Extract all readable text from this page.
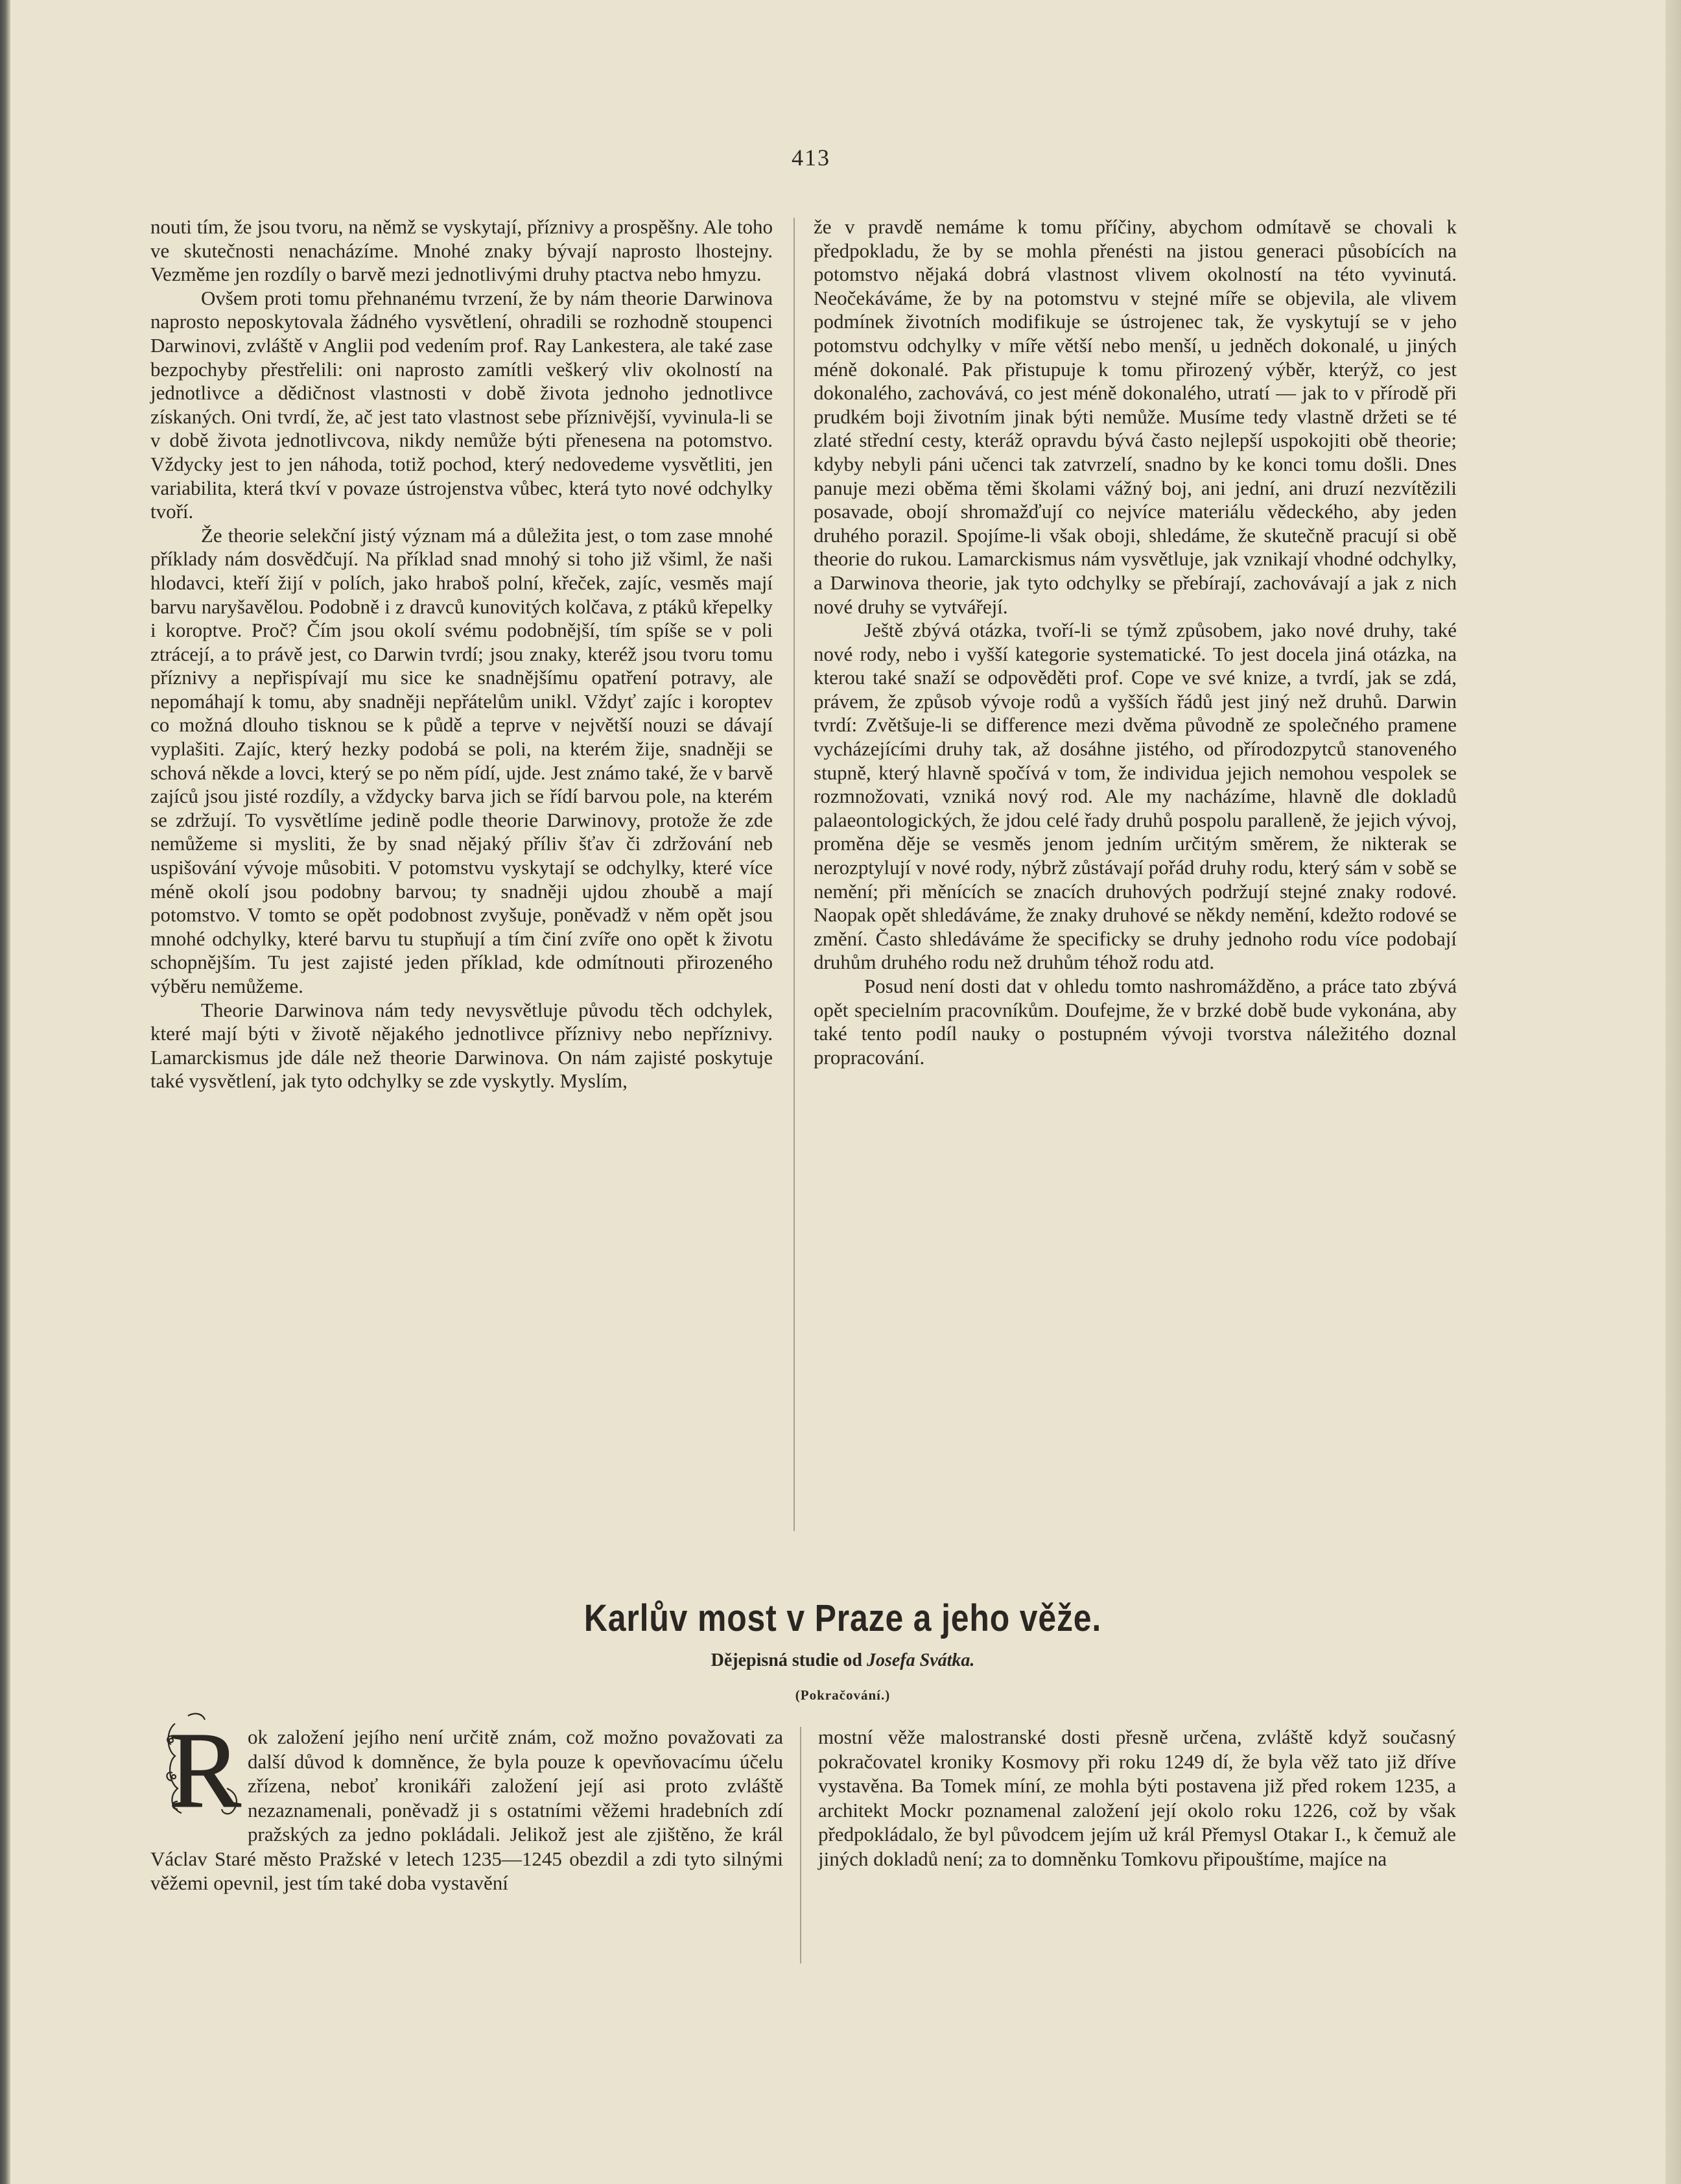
413

nouti tím, že jsou tvoru, na němž se vyskytají, příznivy a prospěšny. Ale toho ve skutečnosti nenacházíme. Mnohé znaky bývají naprosto lhostejny. Vezměme jen rozdíly o barvě mezi jednotlivými druhy ptactva nebo hmyzu.

Ovšem proti tomu přehnanému tvrzení, že by nám theorie Darwinova naprosto neposkytovala žádného vysvětlení, ohradili se rozhodně stoupenci Darwinovi, zvláště v Anglii pod vedením prof. Ray Lankestera, ale také zase bezpochyby přestřelili: oni naprosto zamítli veškerý vliv okolností na jednotlivce a dědičnost vlastnosti v době života jednoho jednotlivce získaných. Oni tvrdí, že, ač jest tato vlastnost sebe příznivější, vyvinula-li se v době života jednotlivcova, nikdy nemůže býti přenesena na potomstvo. Vždycky jest to jen náhoda, totiž pochod, který nedovedeme vysvětliti, jen variabilita, která tkví v povaze ústrojenstva vůbec, která tyto nové odchylky tvoří.

Že theorie selekční jistý význam má a důležita jest, o tom zase mnohé příklady nám dosvědčují. Na příklad snad mnohý si toho již všiml, že naši hlodavci, kteří žijí v polích, jako hraboš polní, křeček, zajíc, vesměs mají barvu naryšavělou. Podobně i z dravců kunovitých kolčava, z ptáků křepelky i koroptve. Proč? Čím jsou okolí svému podobnější, tím spíše se v poli ztrácejí, a to právě jest, co Darwin tvrdí; jsou znaky, kteréž jsou tvoru tomu příznivy a nepřispívají mu sice ke snadnějšímu opatření potravy, ale nepomáhají k tomu, aby snadněji nepřátelům unikl. Vždyť zajíc i koroptev co možná dlouho tisknou se k půdě a teprve v největší nouzi se dávají vyplašiti. Zajíc, který hezky podobá se poli, na kterém žije, snadněji se schová někde a lovci, který se po něm pídí, ujde. Jest známo také, že v barvě zajíců jsou jisté rozdíly, a vždycky barva jich se řídí barvou pole, na kterém se zdržují. To vysvětlíme jedině podle theorie Darwinovy, protože že zde nemůžeme si mysliti, že by snad nějaký příliv šťav či zdržování neb uspišování vývoje můsobiti. V potomstvu vyskytají se odchylky, které více méně okolí jsou podobny barvou; ty snadněji ujdou zhoubě a mají potomstvo. V tomto se opět podobnost zvyšuje, poněvadž v něm opět jsou mnohé odchylky, které barvu tu stupňují a tím činí zvíře ono opět k životu schopnějším. Tu jest zajisté jeden příklad, kde odmítnouti přirozeného výběru nemůžeme.

Theorie Darwinova nám tedy nevysvětluje původu těch odchylek, které mají býti v životě nějakého jednotlivce příznivy nebo nepříznivy. Lamarckismus jde dále než theorie Darwinova. On nám zajisté poskytuje také vysvětlení, jak tyto odchylky se zde vyskytly. Myslím,

že v pravdě nemáme k tomu příčiny, abychom odmítavě se chovali k předpokladu, že by se mohla přenésti na jistou generaci působících na potomstvo nějaká dobrá vlastnost vlivem okolností na této vyvinutá. Neočekáváme, že by na potomstvu v stejné míře se objevila, ale vlivem podmínek životních modifikuje se ústrojenec tak, že vyskytují se v jeho potomstvu odchylky v míře větší nebo menší, u jedněch dokonalé, u jiných méně dokonalé. Pak přistupuje k tomu přirozený výběr, kterýž, co jest dokonalého, zachovává, co jest méně dokonalého, utratí — jak to v přírodě při prudkém boji životním jinak býti nemůže. Musíme tedy vlastně držeti se té zlaté střední cesty, kteráž opravdu bývá často nejlepší uspokojiti obě theorie; kdyby nebyli páni učenci tak zatvrzelí, snadno by ke konci tomu došli. Dnes panuje mezi oběma těmi školami vážný boj, ani jední, ani druzí nezvítězili posavade, obojí shromažďují co nejvíce materiálu vědeckého, aby jeden druhého porazil. Spojíme-li však oboji, shledáme, že skutečně pracují si obě theorie do rukou. Lamarckismus nám vysvětluje, jak vznikají vhodné odchylky, a Darwinova theorie, jak tyto odchylky se přebírají, zachovávají a jak z nich nové druhy se vytvářejí.

Ještě zbývá otázka, tvoří-li se týmž způsobem, jako nové druhy, také nové rody, nebo i vyšší kategorie systematické. To jest docela jiná otázka, na kterou také snaží se odpověděti prof. Cope ve své knize, a tvrdí, jak se zdá, právem, že způsob vývoje rodů a vyšších řádů jest jiný než druhů. Darwin tvrdí: Zvětšuje-li se difference mezi dvěma původně ze společného pramene vycházejícími druhy tak, až dosáhne jistého, od přírodozpytců stanoveného stupně, který hlavně spočívá v tom, že individua jejich nemohou vespolek se rozmnožovati, vzniká nový rod. Ale my nacházíme, hlavně dle dokladů palaeontologických, že jdou celé řady druhů pospolu paralleně, že jejich vývoj, proměna děje se vesměs jenom jedním určitým směrem, že nikterak se nerozptylují v nové rody, nýbrž zůstávají pořád druhy rodu, který sám v sobě se nemění; při měnících se znacích druhových podržují stejné znaky rodové. Naopak opět shledáváme, že znaky druhové se někdy nemění, kdežto rodové se změní. Často shledáváme že specificky se druhy jednoho rodu více podobají druhům druhého rodu než druhům téhož rodu atd.

Posud není dosti dat v ohledu tomto nashromážděno, a práce tato zbývá opět specielním pracovníkům. Doufejme, že v brzké době bude vykonána, aby také tento podíl nauky o postupném vývoji tvorstva náležitého doznal propracování.

Karlův most v Praze a jeho věže.
Dějepisná studie od Josefa Svátka.
(Pokračování.)
R ok založení jejího není určitě znám, což možno považovati za další důvod k domněnce, že byla pouze k opevňovacímu účelu zřízena, neboť kronikáři založení její asi proto zvláště nezaznamenali, poněvadž ji s ostatními věžemi hradebních zdí pražských za jedno pokládali. Jelikož jest ale zjištěno, že král Václav Staré město Pražské v letech 1235—1245 obezdil a zdi tyto silnými věžemi opevnil, jest tím také doba vystavění

mostní věže malostranské dosti přesně určena, zvláště když současný pokračovatel kroniky Kosmovy při roku 1249 dí, že byla věž tato již dříve vystavěna. Ba Tomek míní, ze mohla býti postavena již před rokem 1235, a architekt Mockr poznamenal založení její okolo roku 1226, což by však předpokládalo, že byl původcem jejím už král Přemysl Otakar I., k čemuž ale jiných dokladů není; za to domněnku Tomkovu připouštíme, majíce na
